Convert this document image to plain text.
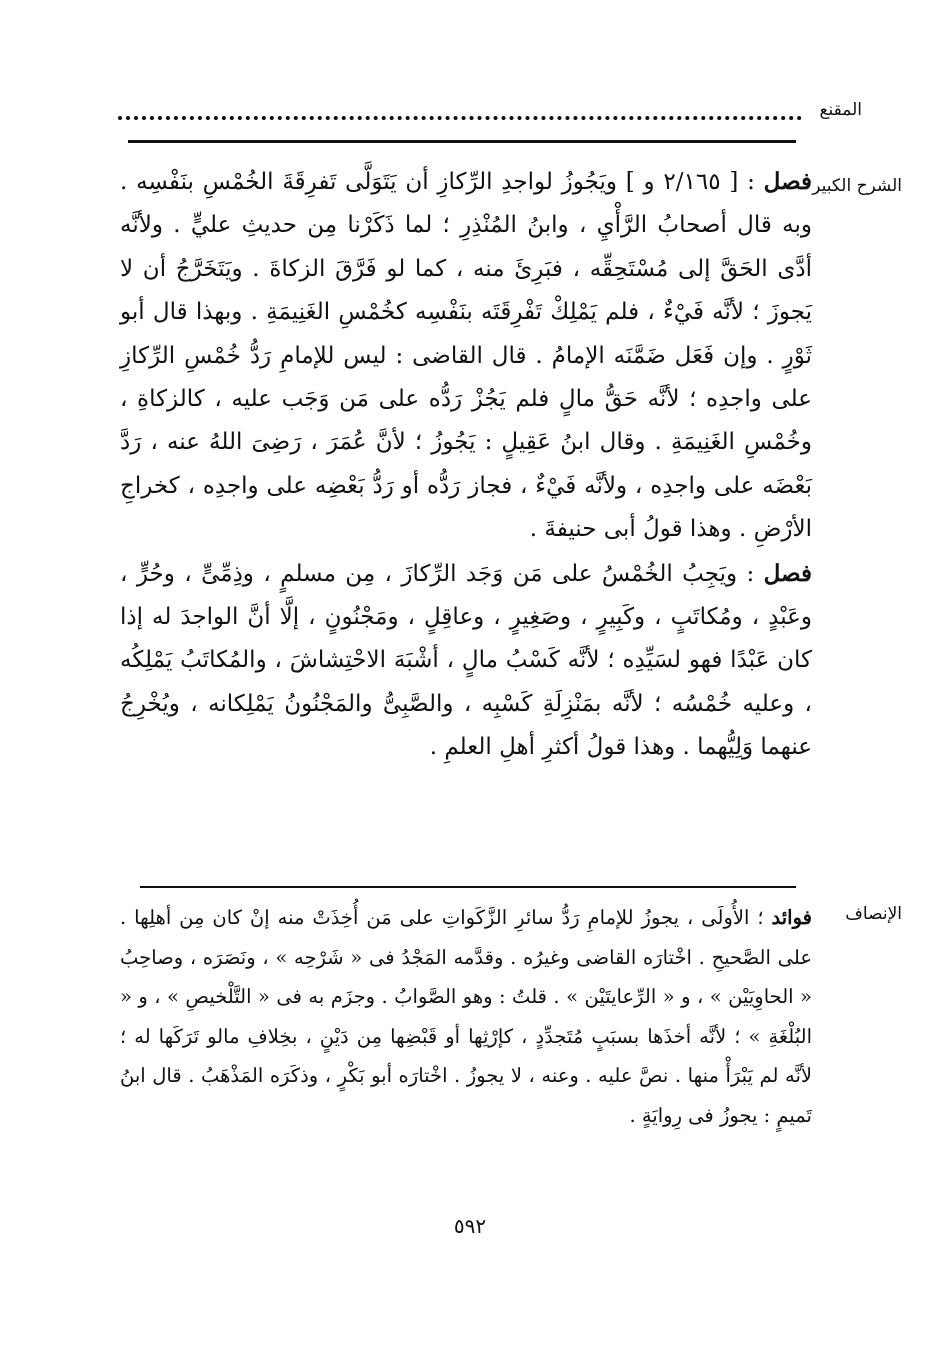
المقنع
الشرح الكبير

فصل : [ ٢/١٦٥ و ] ويَجُوزُ لواجدِ الرِّكازِ أن يَتَوَلَّى تَفرِقَةَ الخُمْسِ بنَفْسِه . وبه قال أصحابُ الرَّأْيِ ، وابنُ المُنْذِرِ ؛ لما ذَكَرْنا مِن حديثِ عليٍّ . ولأنَّه أدَّى الحَقَّ إلى مُسْتَحِقِّه ، فبَرِئَ منه ، كما لو فَرَّقَ الزكاةَ . ويَتَخَرَّجُ أن لا يَجوزَ ؛ لأنَّه فَيْءٌ ، فلم يَمْلِكْ تَفْرِقَتَه بنَفْسِه كخُمْسِ الغَنِيمَةِ . وبهذا قال أبو ثَوْرٍ . وإن فَعَل ضَمَّنَه الإمامُ . قال القاضى : ليس للإمامِ رَدُّ خُمْسِ الرِّكازِ على واجدِه ؛ لأنَّه حَقُّ مالٍ فلم يَجُزْ رَدُّه على مَن وَجَب عليه ، كالزكاةِ ، وخُمْسِ الغَنِيمَةِ . وقال ابنُ عَقِيلٍ : يَجُوزُ ؛ لأنَّ عُمَرَ ، رَضِىَ اللهُ عنه ، رَدَّ بَعْضَه على واجدِه ، ولأنَّه فَيْءٌ ، فجاز رَدُّه أو رَدُّ بَعْضِه على واجدِه ، كخراجِ الأرْضِ . وهذا قولُ أبى حنيفةَ .

فصل : ويَجِبُ الخُمْسُ على مَن وَجَد الرِّكازَ ، مِن مسلمٍ ، وذِمِّىٍّ ، وحُرٍّ ، وعَبْدٍ ، ومُكاتَبٍ ، وكَبِيرٍ ، وصَغِيرٍ ، وعاقِلٍ ، ومَجْنُونٍ ، إلَّا أنَّ الواجدَ له إذا كان عَبْدًا فهو لسَيِّدِه ؛ لأنَّه كَسْبُ مالٍ ، أشْبَهَ الاحْتِشاشَ ، والمُكاتَبُ يَمْلِكُه ، وعليه خُمْسُه ؛ لأنَّه بمَنْزِلَةِ كَسْبِه ، والصَّبِىُّ والمَجْنُونُ يَمْلِكانه ، ويُخْرِجُ عنهما وَلِيُّهما . وهذا قولُ أكثرِ أهلِ العلمِ .

الإنصاف

فوائد ؛ الأُولَى ، يجوزُ للإمامِ رَدُّ سائرِ الزَّكَواتِ على مَن أُخِذَتْ منه إنْ كان مِن أهلِها . على الصَّحيحِ . اخْتارَه القاضى وغيرُه . وقدَّمه المَجْدُ فى « شَرْحِه » ، ونَصَرَه ، وصاحِبُ « الحاوِيَيْن » ، و « الرِّعايتَيْن » . قلتُ : وهو الصَّوابُ . وجزَم به فى « التَّلْخيصِ » ، و « البُلْغَةِ » ؛ لأنَّه أخذَها بسبَبٍ مُتَجدِّدٍ ، كإرْثِها أو قَبْضِها مِن دَيْنٍ ، بخِلافِ مالو تَرَكَها له ؛ لأنَّه لم يَبْرَأْ منها . نصَّ عليه . وعنه ، لا يجوزُ . اخْتارَه أبو بَكْرٍ ، وذكَرَه المَذْهَبُ . قال ابنُ تَميمٍ : يجوزُ فى رِوايَةٍ .

٥٩٢
